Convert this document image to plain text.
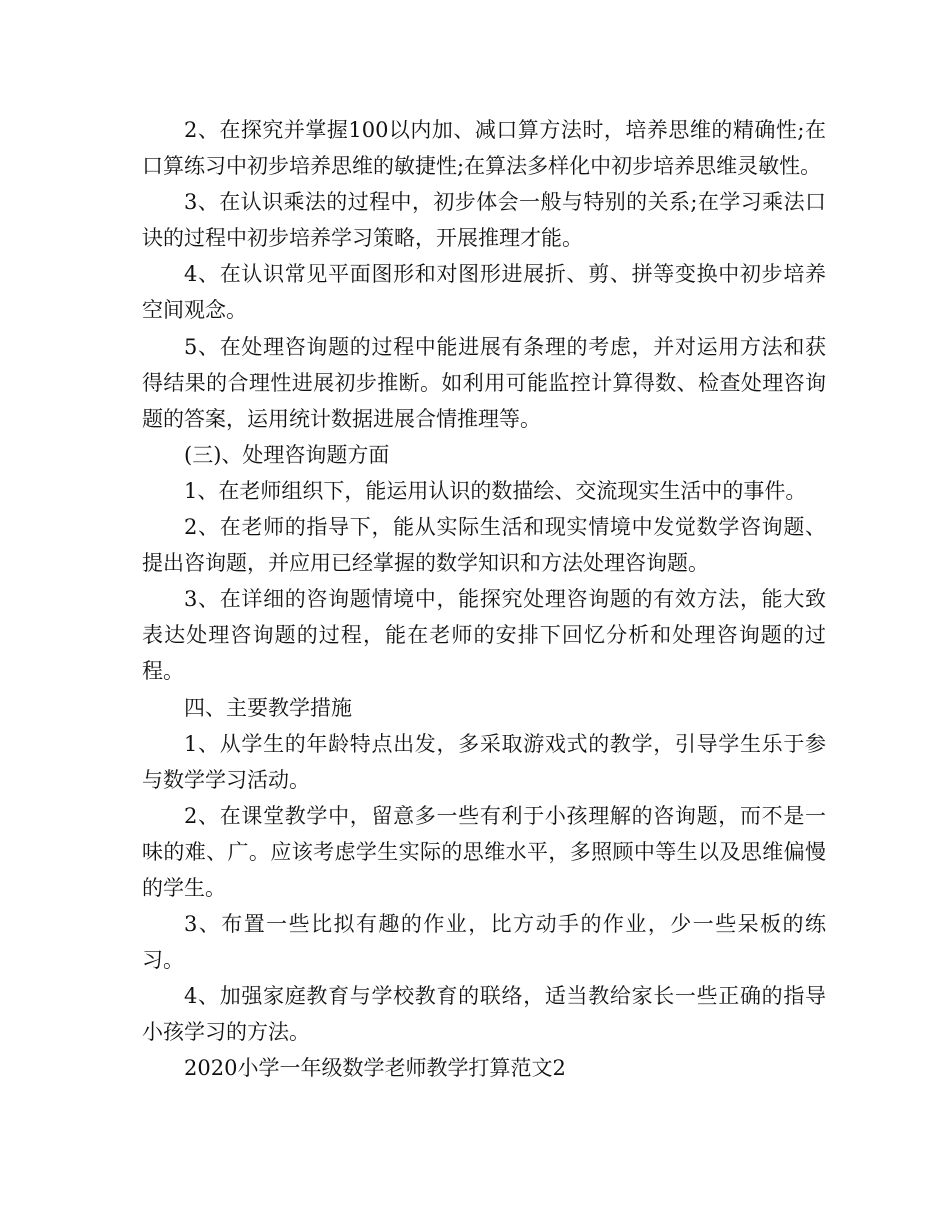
2、在探究并掌握100以内加、减口算方法时，培养思维的精确性;在口算练习中初步培养思维的敏捷性;在算法多样化中初步培养思维灵敏性。

3、在认识乘法的过程中，初步体会一般与特别的关系;在学习乘法口诀的过程中初步培养学习策略，开展推理才能。

4、在认识常见平面图形和对图形进展折、剪、拼等变换中初步培养空间观念。

5、在处理咨询题的过程中能进展有条理的考虑，并对运用方法和获得结果的合理性进展初步推断。如利用可能监控计算得数、检查处理咨询题的答案，运用统计数据进展合情推理等。

(三)、处理咨询题方面

1、在老师组织下，能运用认识的数描绘、交流现实生活中的事件。

2、在老师的指导下，能从实际生活和现实情境中发觉数学咨询题、提出咨询题，并应用已经掌握的数学知识和方法处理咨询题。

3、在详细的咨询题情境中，能探究处理咨询题的有效方法，能大致表达处理咨询题的过程，能在老师的安排下回忆分析和处理咨询题的过程。

四、主要教学措施

1、从学生的年龄特点出发，多采取游戏式的教学，引导学生乐于参与数学学习活动。

2、在课堂教学中，留意多一些有利于小孩理解的咨询题，而不是一味的难、广。应该考虑学生实际的思维水平，多照顾中等生以及思维偏慢的学生。

3、布置一些比拟有趣的作业，比方动手的作业，少一些呆板的练习。

4、加强家庭教育与学校教育的联络，适当教给家长一些正确的指导小孩学习的方法。

2020小学一年级数学老师教学打算范文2
